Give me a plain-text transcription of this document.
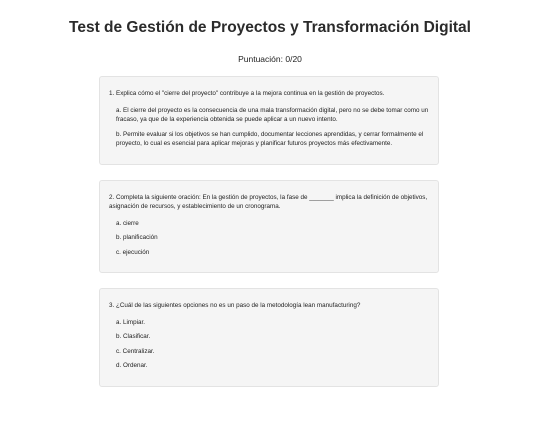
Test de Gestión de Proyectos y Transformación Digital
Puntuación: 0/20
1. Explica cómo el "cierre del proyecto" contribuye a la mejora continua en la gestión de proyectos.
a. El cierre del proyecto es la consecuencia de una mala transformación digital, pero no se debe tomar como un fracaso, ya que de la experiencia obtenida se puede aplicar a un nuevo intento.
b. Permite evaluar si los objetivos se han cumplido, documentar lecciones aprendidas, y cerrar formalmente el proyecto, lo cual es esencial para aplicar mejoras y planificar futuros proyectos más efectivamente.
2. Completa la siguiente oración: En la gestión de proyectos, la fase de _______ implica la definición de objetivos, asignación de recursos, y establecimiento de un cronograma.
a. cierre
b. planificación
c. ejecución
3. ¿Cuál de las siguientes opciones no es un paso de la metodología lean manufacturing?
a. Limpiar.
b. Clasificar.
c. Centralizar.
d. Ordenar.
